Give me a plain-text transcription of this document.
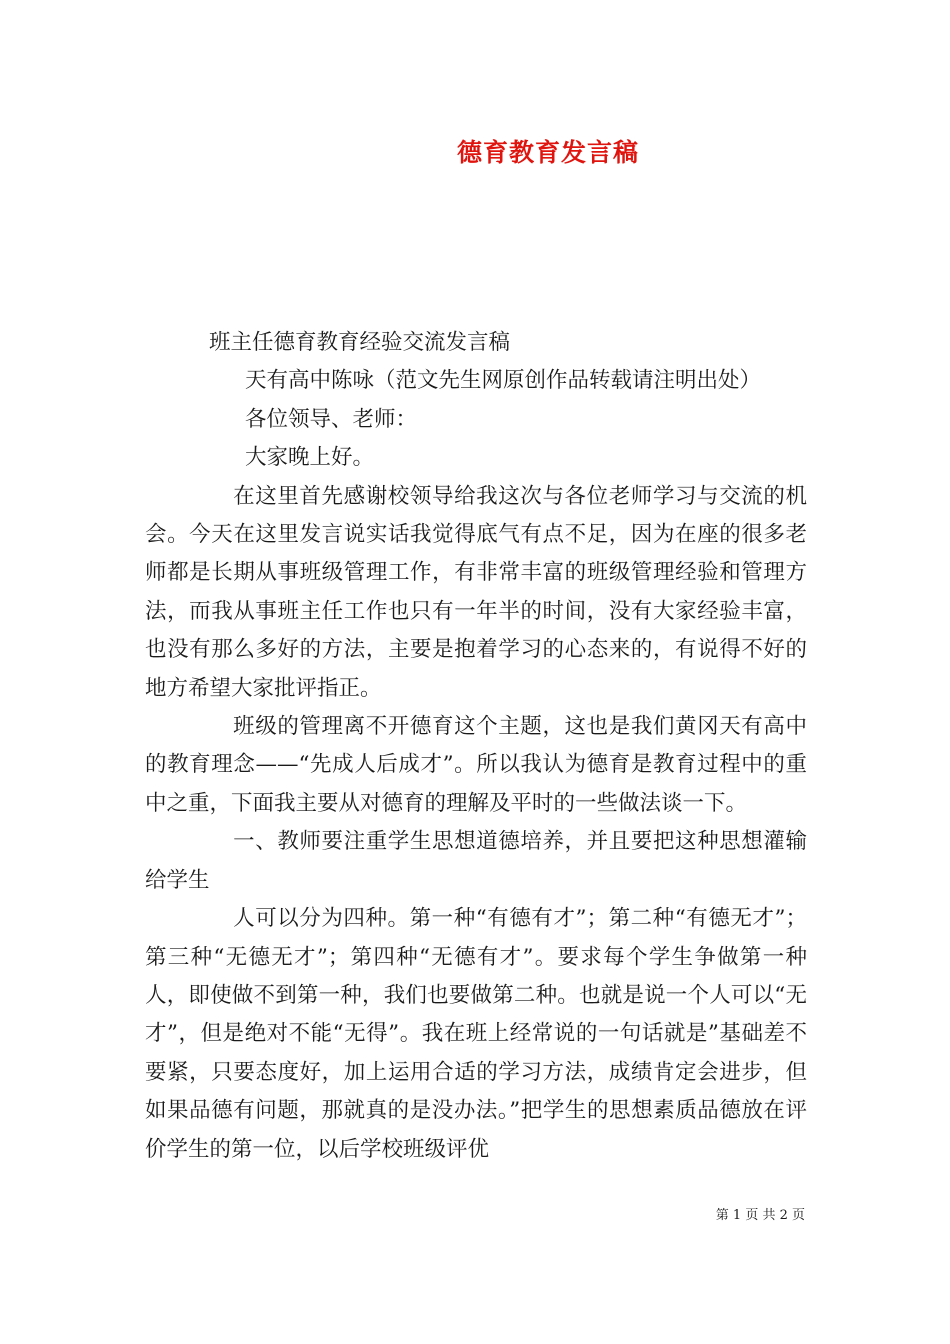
德育教育发言稿

班主任德育教育经验交流发言稿

天有高中陈咏（范文先生网原创作品转载请注明出处）

各位领导、老师：

大家晚上好。

在这里首先感谢校领导给我这次与各位老师学习与交流的机会。今天在这里发言说实话我觉得底气有点不足，因为在座的很多老师都是长期从事班级管理工作，有非常丰富的班级管理经验和管理方法，而我从事班主任工作也只有一年半的时间，没有大家经验丰富，也没有那么多好的方法，主要是抱着学习的心态来的，有说得不好的地方希望大家批评指正。

班级的管理离不开德育这个主题，这也是我们黄冈天有高中的教育理念——“先成人后成才”。所以我认为德育是教育过程中的重中之重，下面我主要从对德育的理解及平时的一些做法谈一下。

一、教师要注重学生思想道德培养，并且要把这种思想灌输给学生

人可以分为四种。第一种“有德有才”；第二种“有德无才”；第三种“无德无才”；第四种“无德有才”。要求每个学生争做第一种人，即使做不到第一种，我们也要做第二种。也就是说一个人可以“无才”，但是绝对不能“无得”。我在班上经常说的一句话就是”基础差不要紧，只要态度好，加上运用合适的学习方法，成绩肯定会进步，但如果品德有问题，那就真的是没办法。”把学生的思想素质品德放在评价学生的第一位，以后学校班级评优

第 1 页 共 2 页
